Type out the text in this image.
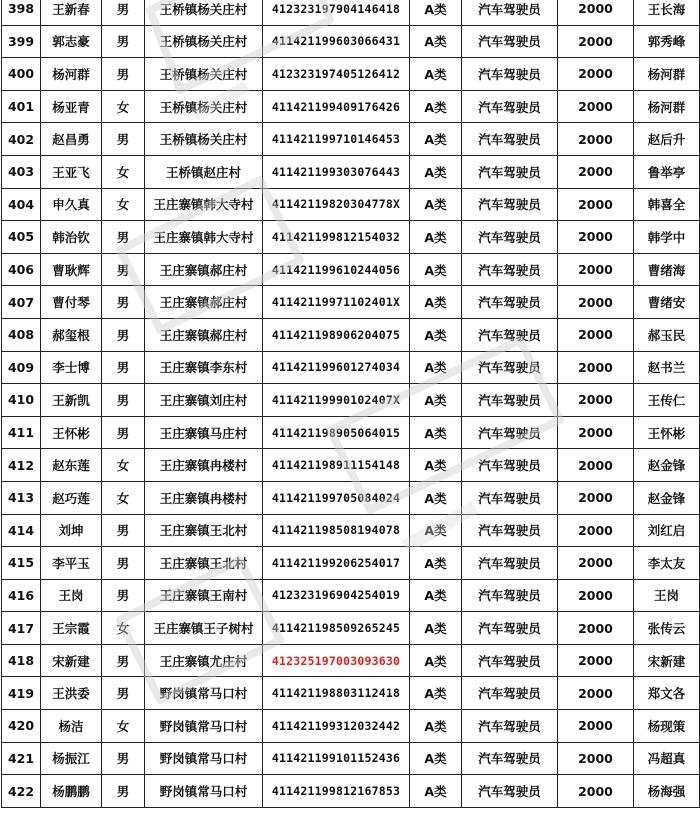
398	王新春	男	王桥镇杨关庄村	412323197904146418	A类	汽车驾驶员	2000	王长海
399	郭志豪	男	王桥镇杨关庄村	411421199603066431	A类	汽车驾驶员	2000	郭秀峰
400	杨河群	男	王桥镇杨关庄村	412323197405126412	A类	汽车驾驶员	2000	杨河群
401	杨亚青	女	王桥镇杨关庄村	411421199409176426	A类	汽车驾驶员	2000	杨河群
402	赵昌勇	男	王桥镇杨关庄村	411421199710146453	A类	汽车驾驶员	2000	赵后升
403	王亚飞	女	王桥镇赵庄村	411421199303076443	A类	汽车驾驶员	2000	鲁举亭
404	申久真	女	王庄寨镇韩大寺村	41142119820304778X	A类	汽车驾驶员	2000	韩喜全
405	韩治钦	男	王庄寨镇韩大寺村	411421199812154032	A类	汽车驾驶员	2000	韩学中
406	曹耿辉	男	王庄寨镇郝庄村	411421199610244056	A类	汽车驾驶员	2000	曹绪海
407	曹付琴	男	王庄寨镇郝庄村	41142119971102401X	A类	汽车驾驶员	2000	曹绪安
408	郝玺根	男	王庄寨镇郝庄村	411421198906204075	A类	汽车驾驶员	2000	郝玉民
409	李士博	男	王庄寨镇李东村	411421199601274034	A类	汽车驾驶员	2000	赵书兰
410	王新凯	男	王庄寨镇刘庄村	41142119990102407X	A类	汽车驾驶员	2000	王传仁
411	王怀彬	男	王庄寨镇马庄村	411421198905064015	A类	汽车驾驶员	2000	王怀彬
412	赵东莲	女	王庄寨镇冉楼村	411421198911154148	A类	汽车驾驶员	2000	赵金锋
413	赵巧莲	女	王庄寨镇冉楼村	411421199705084024	A类	汽车驾驶员	2000	赵金锋
414	刘坤	男	王庄寨镇王北村	411421198508194078	A类	汽车驾驶员	2000	刘红启
415	李平玉	男	王庄寨镇王北村	411421199206254017	A类	汽车驾驶员	2000	李太友
416	王岗	男	王庄寨镇王南村	412323196904254019	A类	汽车驾驶员	2000	王岗
417	王宗霞	女	王庄寨镇王子树村	411421198509265245	A类	汽车驾驶员	2000	张传云
418	宋新建	男	王庄寨镇尤庄村	412325197003093630	A类	汽车驾驶员	2000	宋新建
419	王洪委	男	野岗镇常马口村	411421198803112418	A类	汽车驾驶员	2000	郑文各
420	杨洁	女	野岗镇常马口村	411421199312032442	A类	汽车驾驶员	2000	杨现策
421	杨振江	男	野岗镇常马口村	411421199101152436	A类	汽车驾驶员	2000	冯超真
422	杨鹏鹏	男	野岗镇常马口村	411421199812167853	A类	汽车驾驶员	2000	杨海强
